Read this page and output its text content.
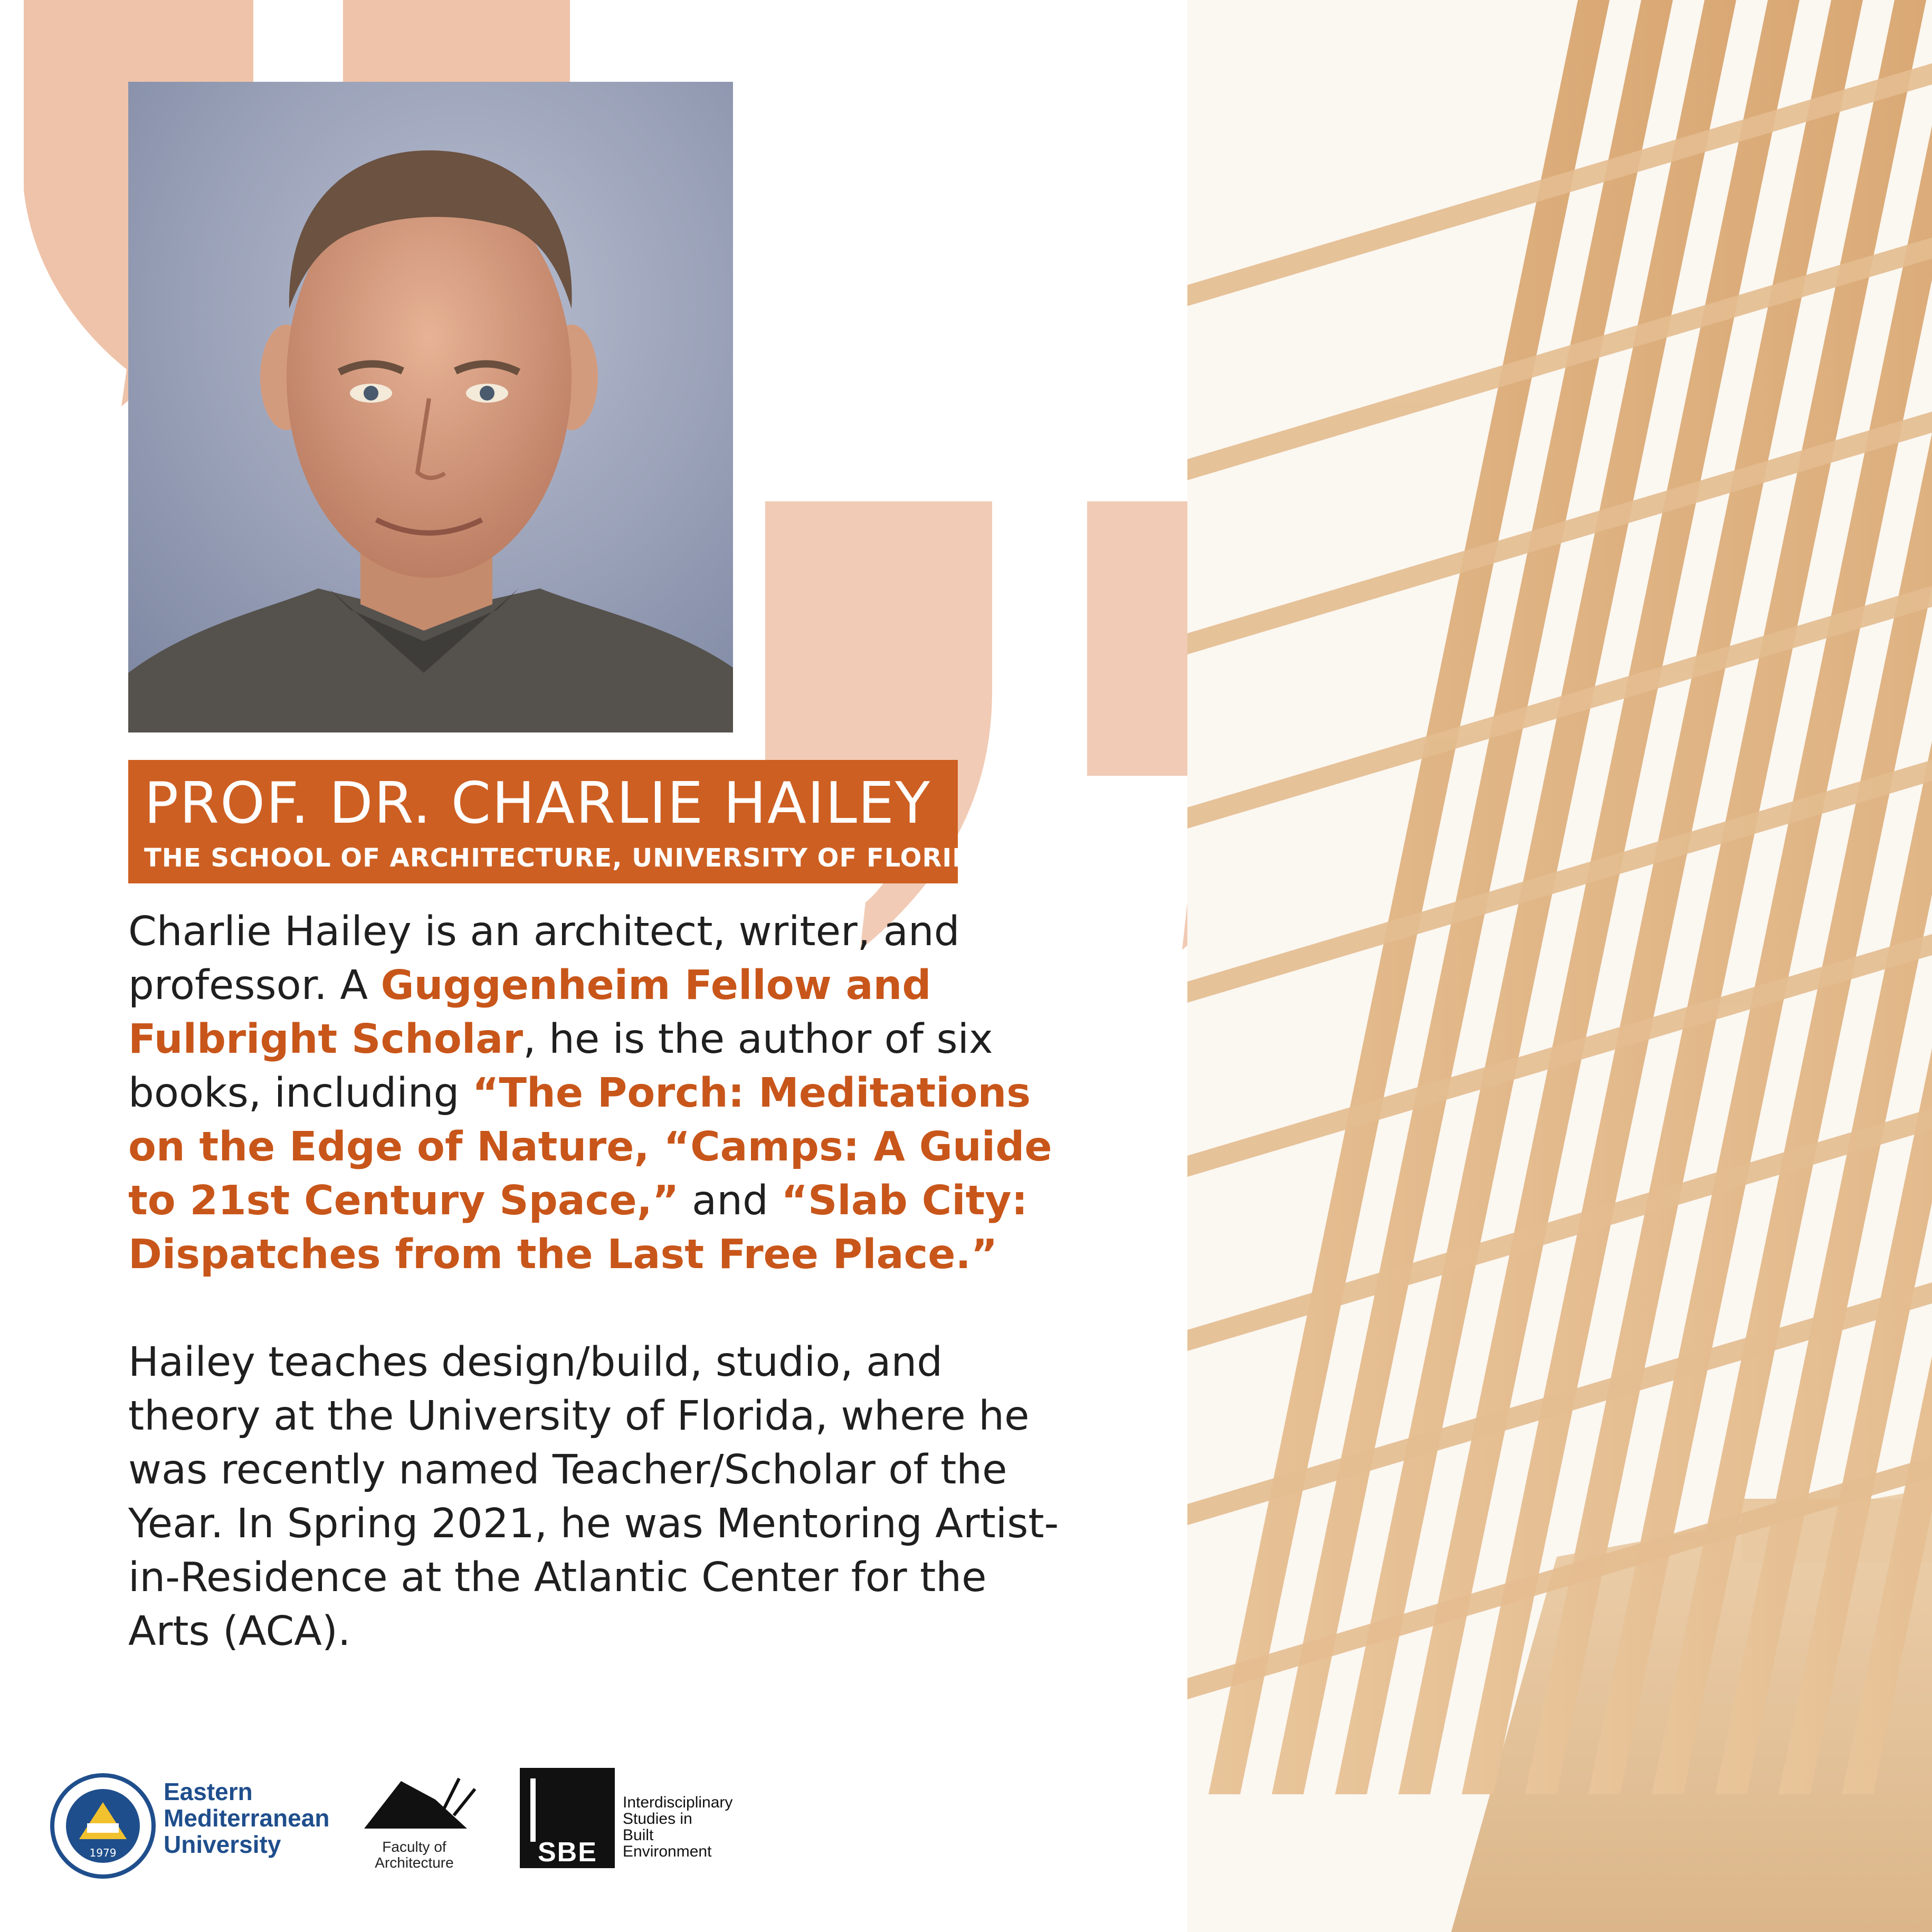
PROF. DR. CHARLIE HAILEY
THE SCHOOL OF ARCHITECTURE, UNIVERSITY OF FLORIDA

Charlie Hailey is an architect, writer, and professor. A Guggenheim Fellow and Fulbright Scholar, he is the author of six books, including “The Porch: Meditations on the Edge of Nature, “Camps: A Guide to 21st Century Space,” and “Slab City: Dispatches from the Last Free Place.”

Hailey teaches design/build, studio, and theory at the University of Florida, where he was recently named Teacher/Scholar of the Year. In Spring 2021, he was Mentoring Artist-in-Residence at the Atlantic Center for the Arts (ACA).

1979
Eastern
Mediterranean
University	Faculty of
Architecture	SBE
Interdisciplinary
Studies in
Built
Environment
